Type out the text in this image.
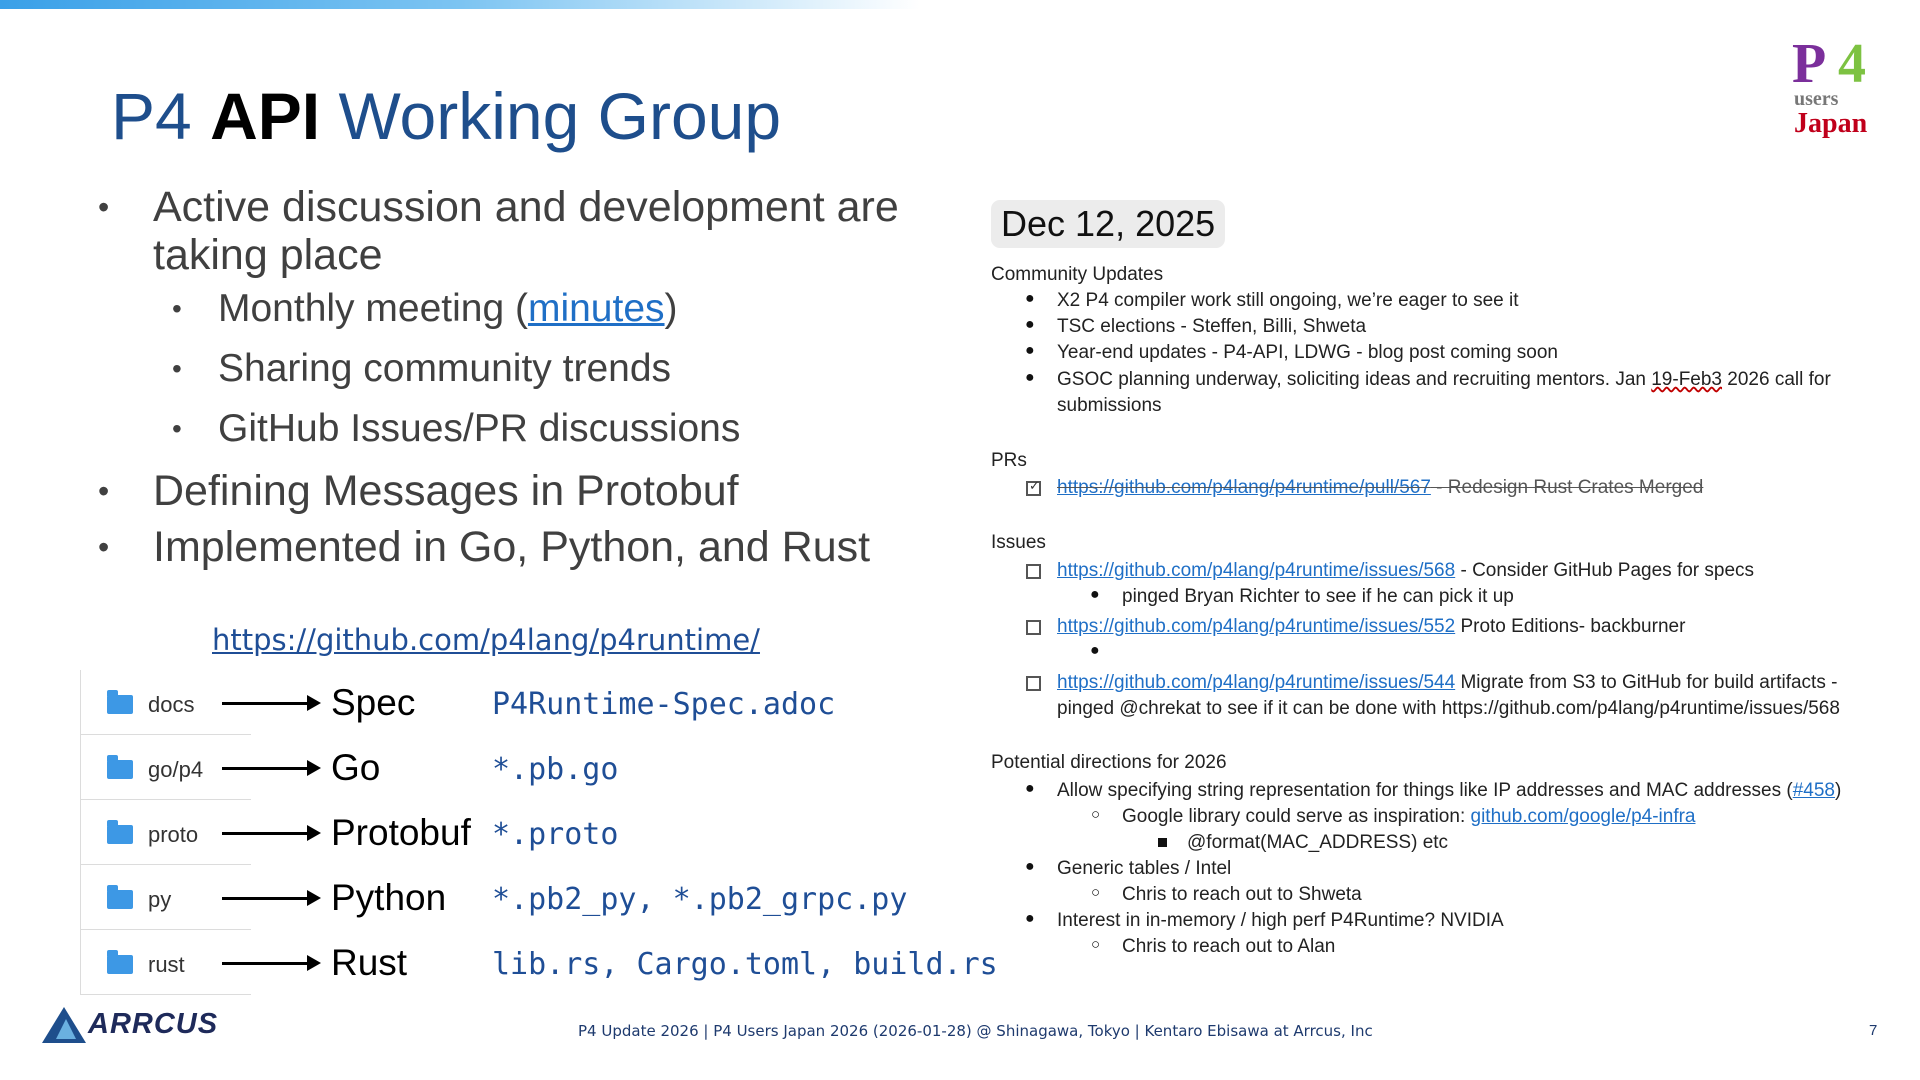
P4 API Working Group
P 4
users
Japan
• Active discussion and development are taking place
• Monthly meeting (minutes)
• Sharing community trends
• GitHub Issues/PR discussions
• Defining Messages in Protobuf
• Implemented in Go, Python, and Rust
https://github.com/p4lang/p4runtime/
docs	Spec	P4Runtime-Spec.adoc
go/p4	Go	*.pb.go
proto	Protobuf *.proto
py	Python *.pb2_py, *.pb2_grpc.py
rust	Rust	lib.rs, Cargo.toml, build.rs
Dec 12, 2025
Community Updates
● X2 P4 compiler work still ongoing, we’re eager to see it
● TSC elections - Steffen, Billi, Shweta
● Year-end updates - P4-API, LDWG - blog post coming soon
● GSOC planning underway, soliciting ideas and recruiting mentors. Jan 19-Feb3 2026 call for
submissions
PRs
✓
https://github.com/p4lang/p4runtime/pull/567 - Redesign Rust Crates Merged
Issues
https://github.com/p4lang/p4runtime/issues/568 - Consider GitHub Pages for specs
● pinged Bryan Richter to see if he can pick it up
https://github.com/p4lang/p4runtime/issues/552 Proto Editions- backburner
●
https://github.com/p4lang/p4runtime/issues/544 Migrate from S3 to GitHub for build artifacts -
pinged @chrekat to see if it can be done with https://github.com/p4lang/p4runtime/issues/568
Potential directions for 2026
● Allow specifying string representation for things like IP addresses and MAC addresses (#458)
○ Google library could serve as inspiration: github.com/google/p4-infra
@format(MAC_ADDRESS) etc
● Generic tables / Intel
○ Chris to reach out to Shweta
● Interest in in-memory / high perf P4Runtime? NVIDIA
○ Chris to reach out to Alan
ARRCUS	P4 Update 2026 | P4 Users Japan 2026 (2026-01-28) @ Shinagawa, Tokyo | Kentaro Ebisawa at Arrcus, Inc	7
